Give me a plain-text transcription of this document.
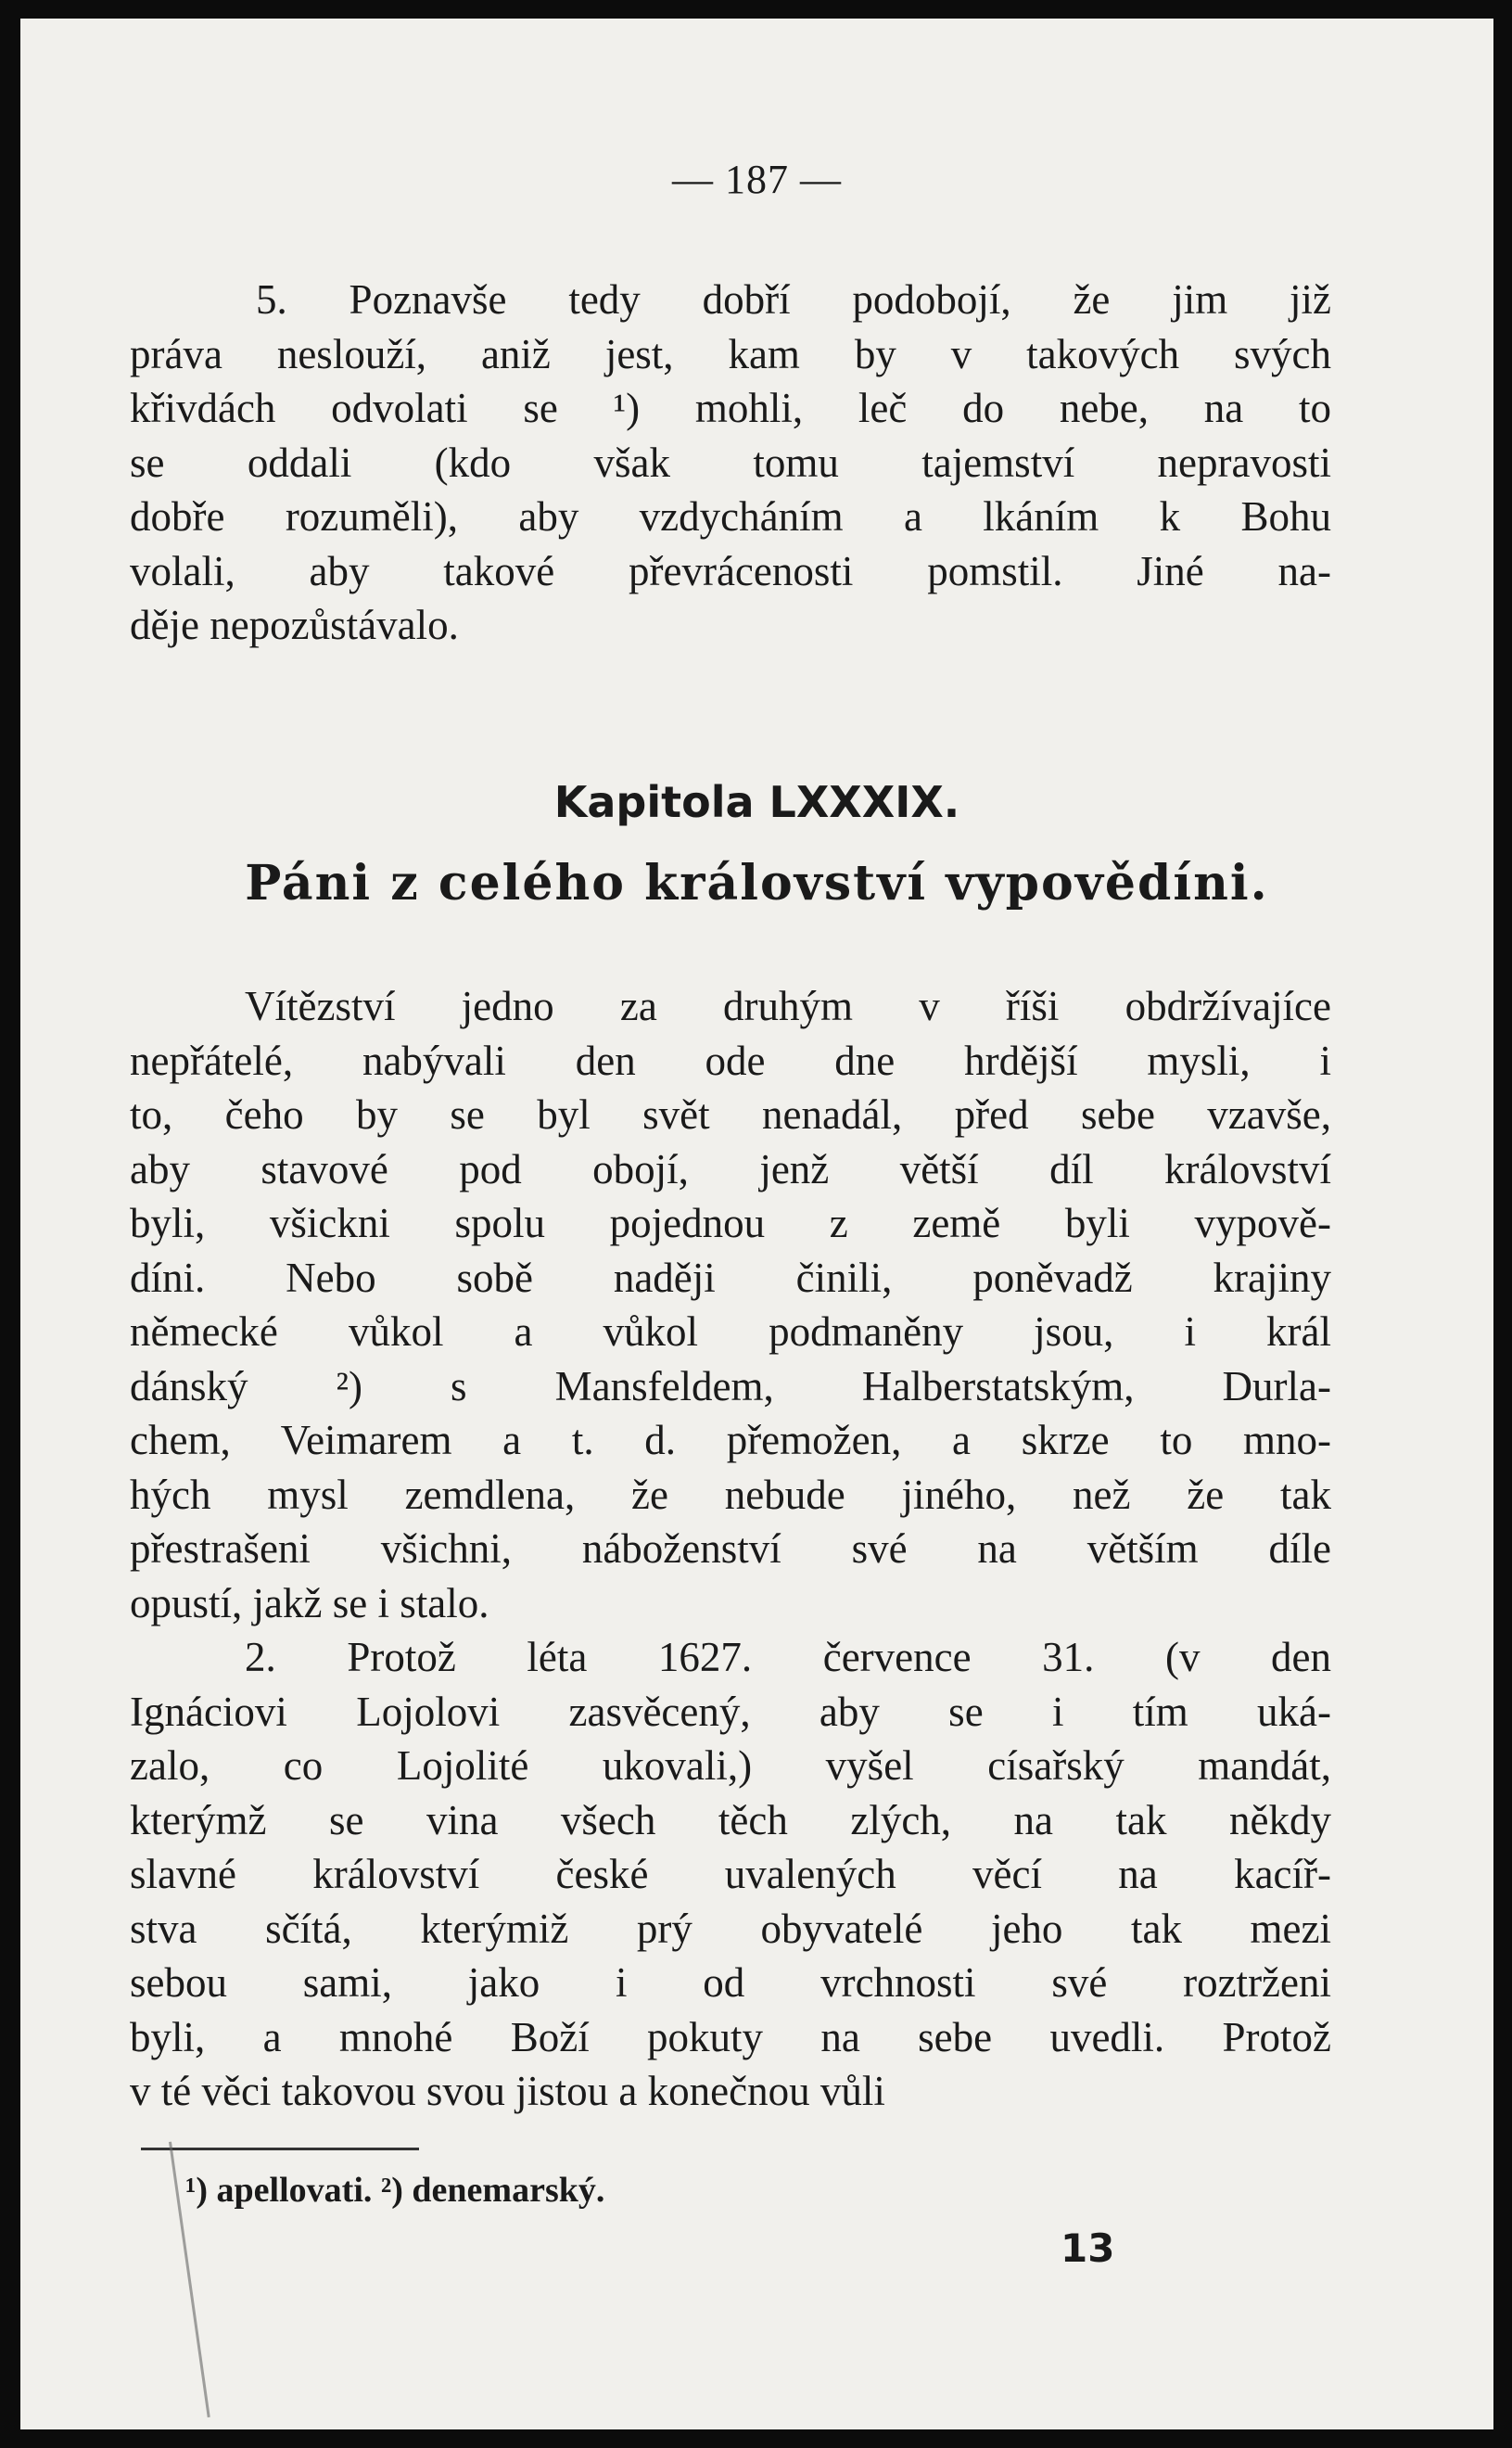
— 187 —
5. Poznavše tedy dobří podobojí, že jim již
práva neslouží, aniž jest, kam by v takových svých
křivdách odvolati se ¹) mohli, leč do nebe, na to
se oddali (kdo však tomu tajemství nepravosti
dobře rozuměli), aby vzdycháním a lkáním k Bohu
volali, aby takové převrácenosti pomstil. Jiné na-
děje nepozůstávalo.
Kapitola LXXXIX.
Páni z celého království vypovědíni.
Vítězství jedno za druhým v říši obdržívajíce
nepřátelé, nabývali den ode dne hrdější mysli, i
to, čeho by se byl svět nenadál, před sebe vzavše,
aby stavové pod obojí, jenž větší díl království
byli, všickni spolu pojednou z země byli vypově-
díni. Nebo sobě naději činili, poněvadž krajiny
německé vůkol a vůkol podmaněny jsou, i král
dánský ²) s Mansfeldem, Halberstatským, Durla-
chem, Veimarem a t. d. přemožen, a skrze to mno-
hých mysl zemdlena, že nebude jiného, než že tak
přestrašeni všichni, náboženství své na větším díle
opustí, jakž se i stalo.
2. Protož léta 1627. července 31. (v den
Ignáciovi Lojolovi zasvěcený, aby se i tím uká-
zalo, co Lojolité ukovali,) vyšel císařský mandát,
kterýmž se vina všech těch zlých, na tak někdy
slavné království české uvalených věcí na kacíř-
stva sčítá, kterýmiž prý obyvatelé jeho tak mezi
sebou sami, jako i od vrchnosti své roztrženi
byli, a mnohé Boží pokuty na sebe uvedli. Protož
v té věci takovou svou jistou a konečnou vůli
¹) apellovati. ²) denemarský.
13
